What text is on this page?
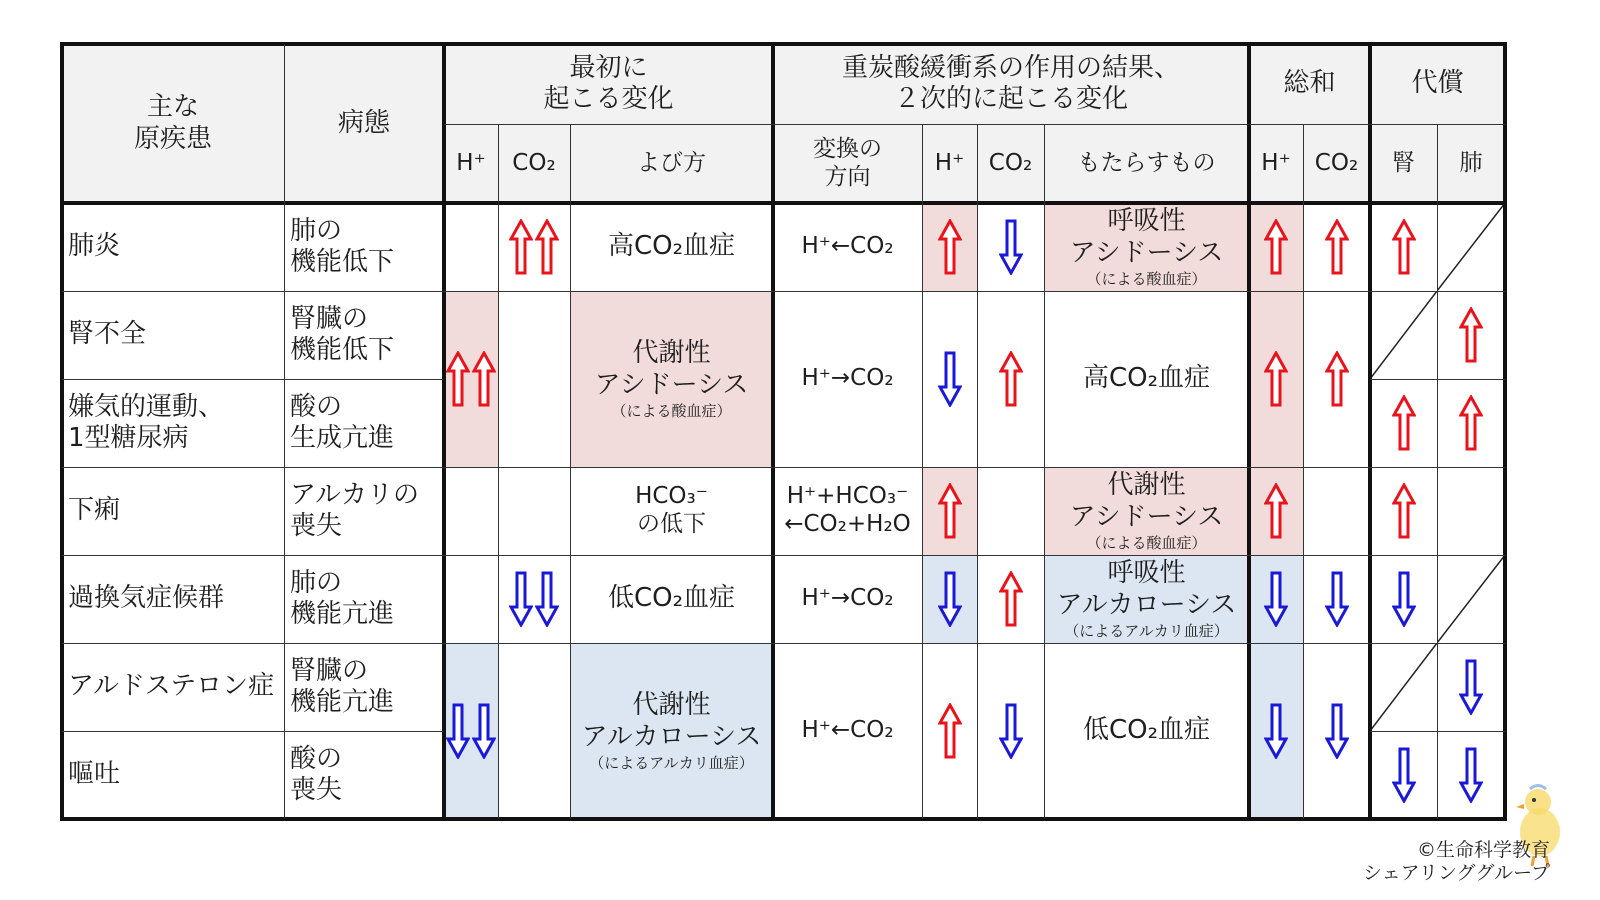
主な
原疾患
病態
最初に
起こる変化
重炭酸緩衝系の作用の結果、
２次的に起こる変化
総和	代償
H⁺ CO₂	よび方
変換の
方向
H⁺ CO₂ もたらすもの H⁺ CO₂ 腎 肺
肺炎
肺の
機能低下
腎不全
腎臓の
機能低下
嫌気的運動、
1型糖尿病
酸の
生成亢進
下痢
アルカリの
喪失
過換気症候群
肺の
機能亢進
アルドステロン症
腎臓の
機能亢進
嘔吐
酸の
喪失
高CO₂血症
代謝性
アシドーシス
（による酸血症）
HCO₃⁻
の低下
低CO₂血症
代謝性
アルカローシス
（によるアルカリ血症）
H⁺←CO₂
H⁺→CO₂
H⁺+HCO₃⁻
←CO₂+H₂O
H⁺→CO₂
H⁺←CO₂
呼吸性
アシドーシス
（による酸血症）
高CO₂血症
代謝性
アシドーシス
（による酸血症）
呼吸性
アルカローシス
（によるアルカリ血症）
低CO₂血症
©生命科学教育
シェアリンググループ
